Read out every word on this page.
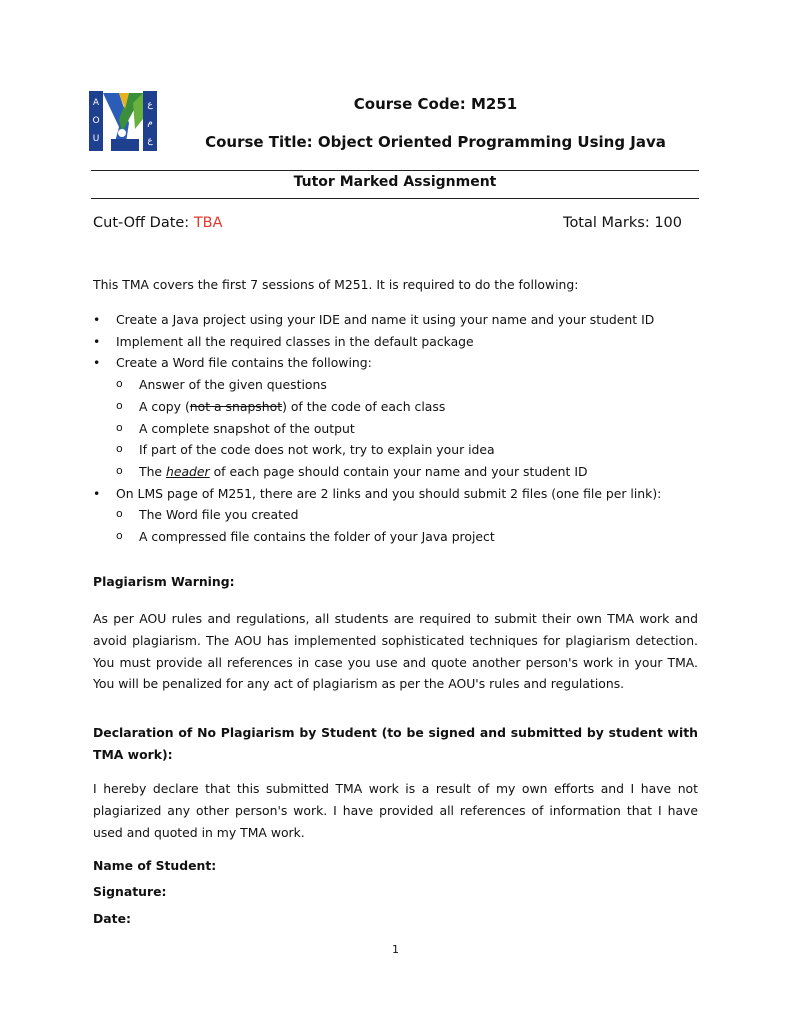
A
O
U
ع
م
ع
Course Code: M251
Course Title: Object Oriented Programming Using Java
Tutor Marked Assignment
Cut-Off Date: TBA	Total Marks: 100
This TMA covers the first 7 sessions of M251. It is required to do the following:
• Create a Java project using your IDE and name it using your name and your student ID
• Implement all the required classes in the default package
• Create a Word file contains the following:
o Answer of the given questions
o A copy (not a snapshot) of the code of each class
o A complete snapshot of the output
o If part of the code does not work, try to explain your idea
o The header of each page should contain your name and your student ID
• On LMS page of M251, there are 2 links and you should submit 2 files (one file per link):
o The Word file you created
o A compressed file contains the folder of your Java project
Plagiarism Warning:
As per AOU rules and regulations, all students are required to submit their own TMA work and avoid plagiarism. The AOU has implemented sophisticated techniques for plagiarism detection. You must provide all references in case you use and quote another person's work in your TMA. You will be penalized for any act of plagiarism as per the AOU's rules and regulations.
Declaration of No Plagiarism by Student (to be signed and submitted by student with TMA work):
I hereby declare that this submitted TMA work is a result of my own efforts and I have not plagiarized any other person's work. I have provided all references of information that I have used and quoted in my TMA work.
Name of Student:
Signature:
Date:
1
